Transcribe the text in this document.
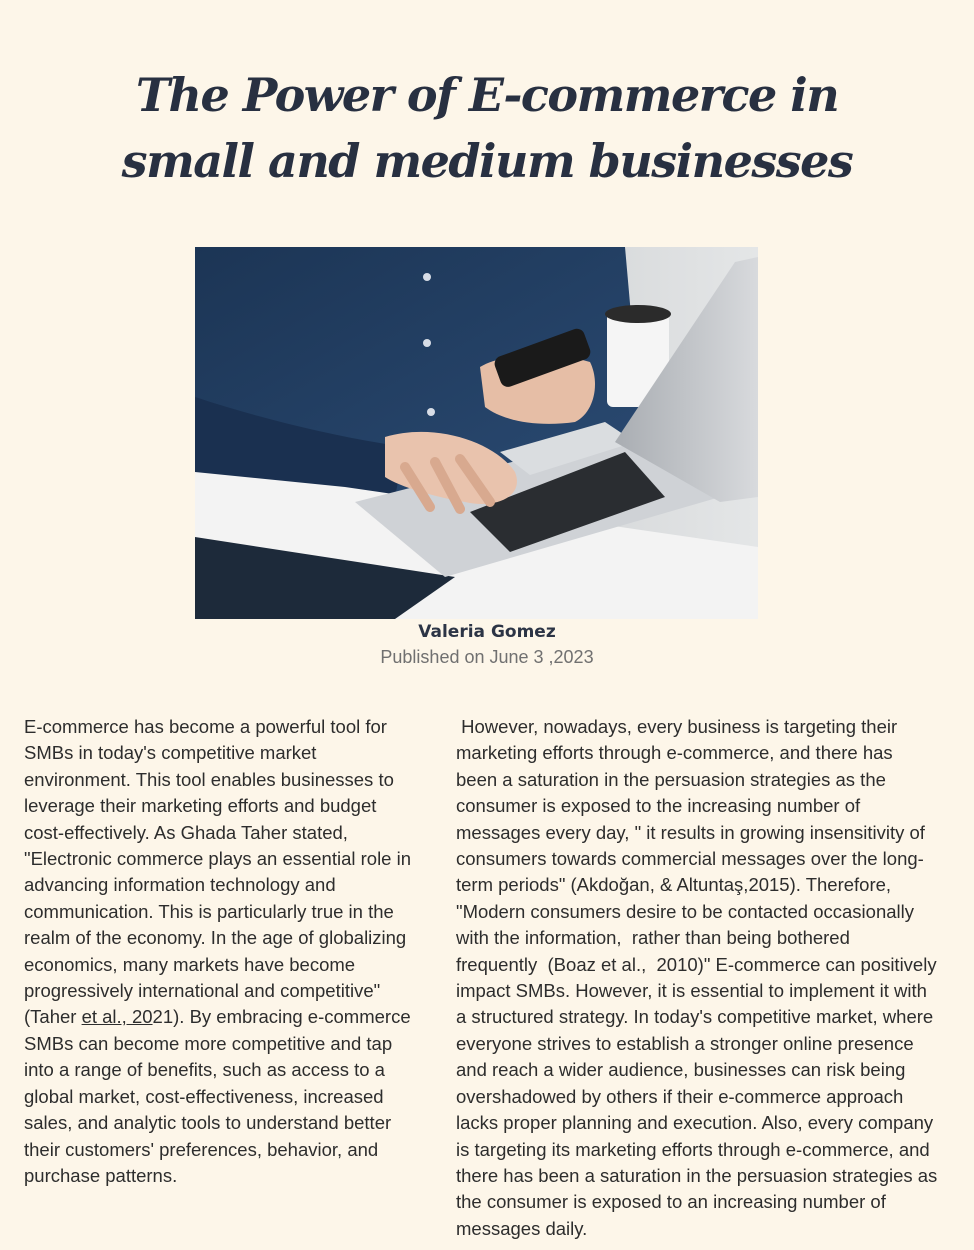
The Power of E-commerce in
small and medium businesses
Valeria Gomez
Published on June 3 ,2023
E-commerce has become a powerful tool for
SMBs in today's competitive market
environment. This tool enables businesses to
leverage their marketing efforts and budget
cost-effectively. As Ghada Taher stated,
"Electronic commerce plays an essential role in
advancing information technology and
communication. This is particularly true in the
realm of the economy. In the age of globalizing
economics, many markets have become
progressively international and competitive"
(Taher et al., 2021). By embracing e-commerce
SMBs can become more competitive and tap
into a range of benefits, such as access to a
global market, cost-effectiveness, increased
sales, and analytic tools to understand better
their customers' preferences, behavior, and
purchase patterns.
However, nowadays, every business is targeting their
marketing efforts through e-commerce, and there has
been a saturation in the persuasion strategies as the
consumer is exposed to the increasing number of
messages every day, " it results in growing insensitivity of
consumers towards commercial messages over the long-
term periods" (Akdoğan, & Altuntaş,2015). Therefore,
"Modern consumers desire to be contacted occasionally
with the information,  rather than being bothered
frequently  (Boaz et al.,  2010)" E-commerce can positively
impact SMBs. However, it is essential to implement it with
a structured strategy. In today's competitive market, where
everyone strives to establish a stronger online presence
and reach a wider audience, businesses can risk being
overshadowed by others if their e-commerce approach
lacks proper planning and execution. Also, every company
is targeting its marketing efforts through e-commerce, and
there has been a saturation in the persuasion strategies as
the consumer is exposed to an increasing number of
messages daily.
